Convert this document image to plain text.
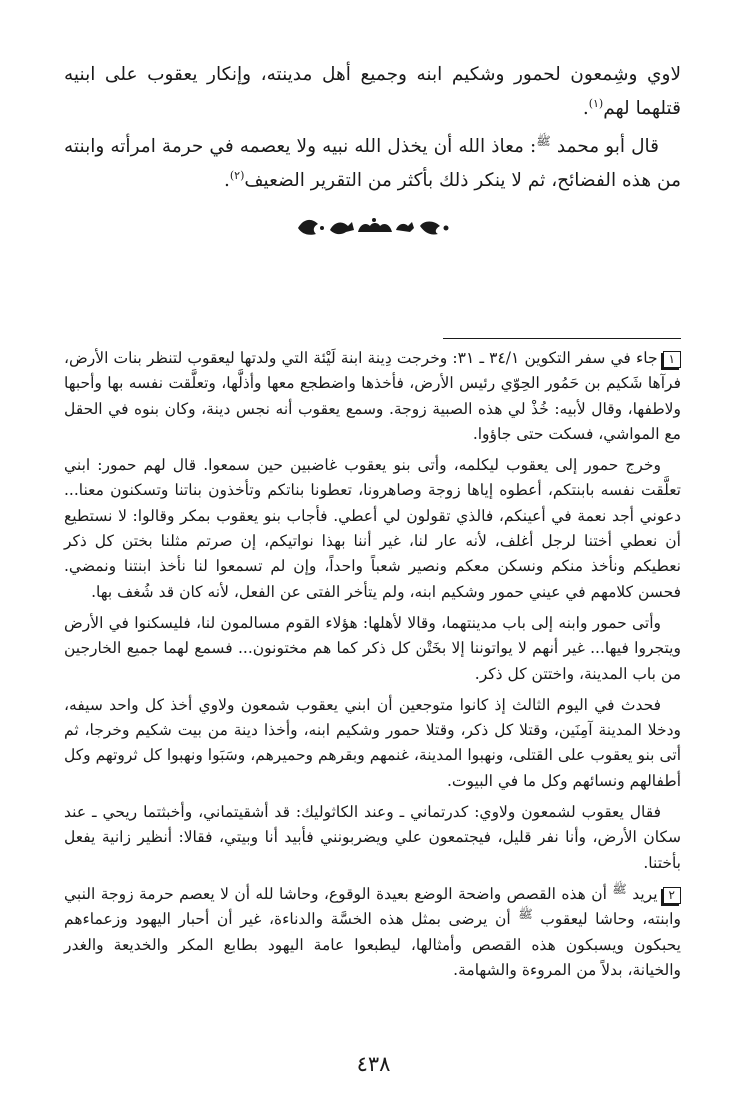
لاوي وشِمعون لحمور وشكيم ابنه وجميع أهل مدينته، وإنكار يعقوب على ابنيه قتلهما لهم$^{(١)}$.

قال أبو محمد $^ﷺ$: معاذ الله أن يخذل الله نبيه ولا يعصمه في حرمة امرأته وابنته من هذه الفضائح، ثم لا ينكر ذلك بأكثر من التقرير الضعيف$^{(٢)}$.

١جاء في سفر التكوين ٣٤/١ ـ ٣١: وخرجت دِينة ابنة لَيْئة التي ولدتها ليعقوب لتنظر بنات الأرض، فرآها شَكيم بن حَمُور الحِوّي رئيس الأرض، فأخذها واضطجع معها وأذلَّها، وتعلَّقت نفسه بها وأحبها ولاطفها، وقال لأبيه: خُذْ لي هذه الصبية زوجة. وسمع يعقوب أنه نجس دينة، وكان بنوه في الحقل مع المواشي، فسكت حتى جاؤوا.

وخرج حمور إلى يعقوب ليكلمه، وأتى بنو يعقوب غاضبين حين سمعوا. قال لهم حمور: ابني تعلَّقت نفسه بابنتكم، أعطوه إياها زوجة وصاهرونا، تعطونا بناتكم وتأخذون بناتنا وتسكنون معنا... دعوني أجد نعمة في أعينكم، فالذي تقولون لي أعطي. فأجاب بنو يعقوب بمكر وقالوا: لا نستطيع أن نعطي أختنا لرجل أغلف، لأنه عار لنا، غير أننا بهذا نواتيكم، إن صرتم مثلنا بختن كل ذكر نعطيكم ونأخذ منكم ونسكن معكم ونصير شعباً واحداً، وإن لم تسمعوا لنا نأخذ ابنتنا ونمضي. فحسن كلامهم في عيني حمور وشكيم ابنه، ولم يتأخر الفتى عن الفعل، لأنه كان قد شُغف بها.

وأتى حمور وابنه إلى باب مدينتهما، وقالا لأهلها: هؤلاء القوم مسالمون لنا، فليسكنوا في الأرض ويتجروا فيها... غير أنهم لا يواتوننا إلا بخَتْن كل ذكر كما هم مختونون... فسمع لهما جميع الخارجين من باب المدينة، واختتن كل ذكر.

فحدث في اليوم الثالث إذ كانوا متوجعين أن ابني يعقوب شمعون ولاوي أخذ كل واحد سيفه، ودخلا المدينة آمِنَين، وقتلا كل ذكر، وقتلا حمور وشكيم ابنه، وأخذا دينة من بيت شكيم وخرجا، ثم أتى بنو يعقوب على القتلى، ونهبوا المدينة، غنمهم وبقرهم وحميرهم، وسَبَوا ونهبوا كل ثروتهم وكل أطفالهم ونسائهم وكل ما في البيوت.

فقال يعقوب لشمعون ولاوي: كدرتماني ـ وعند الكاثوليك: قد أشقيتماني، وأخبثتما ريحي ـ عند سكان الأرض، وأنا نفر قليل، فيجتمعون علي ويضربونني فأبيد أنا وبيتي، فقالا: أنظير زانية يفعل بأختنا.

٢يريد $^ﷺ$ أن هذه القصص واضحة الوضع بعيدة الوقوع، وحاشا لله أن لا يعصم حرمة زوجة النبي وابنته، وحاشا ليعقوب $^ﷺ$ أن يرضى بمثل هذه الخسَّة والدناءة، غير أن أحبار اليهود وزعماءهم يحبكون ويسبكون هذه القصص وأمثالها، ليطبعوا عامة اليهود بطابع المكر والخديعة والغدر والخيانة، بدلاً من المروءة والشهامة.

٤٣٨
